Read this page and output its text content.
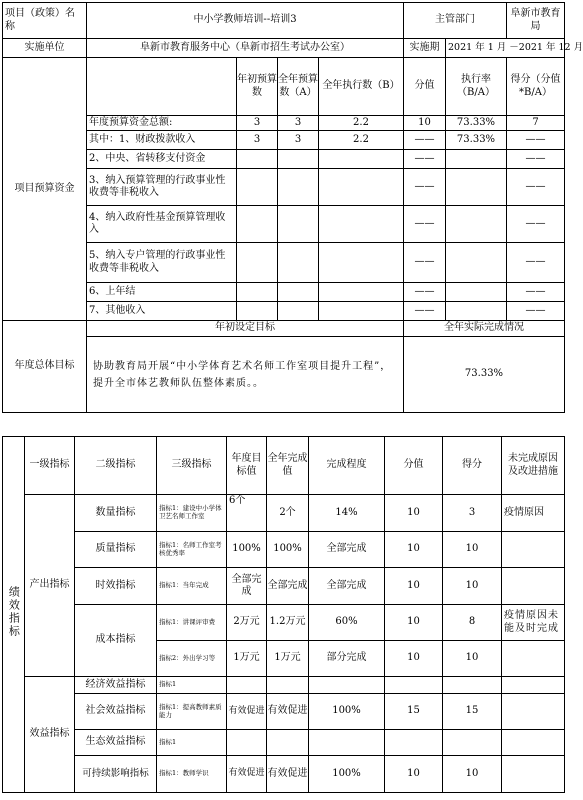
项目（政策）名称	中小学教师培训--培训3				主管部门		阜新市教育局
实施单位	阜新市教育服务中心（阜新市招生考试办公室）				实施期	2021 年 1 月 －2021 年 12 月	
项目预算资金		年初预算数	全年预算数（A）	全年执行数（B）	分值	执行率（B/A）	得分（分值*B/A）
	年度预算资金总额:	3	3	2.2	10	73.33%	7
	其中：1、财政拨款收入	3	3	2.2	——	73.33%	——
	2、中央、省转移支付资金				——		——
	3、纳入预算管理的行政事业性收费等非税收入				——		——
	4、纳入政府性基金预算管理收入				——		——
	5、纳入专户管理的行政事业性收费等非税收入				——		——
	6、上年结				——		——
	7、其他收入				——		——
年度总体目标	年初设定目标				全年实际完成情况		
	协助教育局开展“中小学体育艺术名师工作室项目提升工程”，提升全市体艺教师队伍整体素质。。				73.33%		
绩效指标	一级指标	二级指标	三级指标	年度目标值	全年完成值	完成程度	分值	得分	未完成原因及改进措施
	产出指标	数量指标	指标1：建设中小学体卫艺名师工作室	6个	2个	14%	10	3	疫情原因
		质量指标	指标1：名师工作室考核优秀率	100%	100%	全部完成	10	10	
		时效指标	指标1：当年完成	全部完成	全部完成	全部完成	10	10	
		成本指标	指标1：讲课评审费	2万元	1.2万元	60%	10	8	疫情原因未能及时完成
			指标2：外出学习等	1万元	1万元	部分完成	10	10	
	效益指标	经济效益指标	指标1						
		社会效益指标	指标1：提高教师素质能力	有效促进	有效促进	100%	15	15	
		生态效益指标	指标1						
		可持续影响指标	指标1：教师学识	有效促进	有效促进	100%	10	10	
